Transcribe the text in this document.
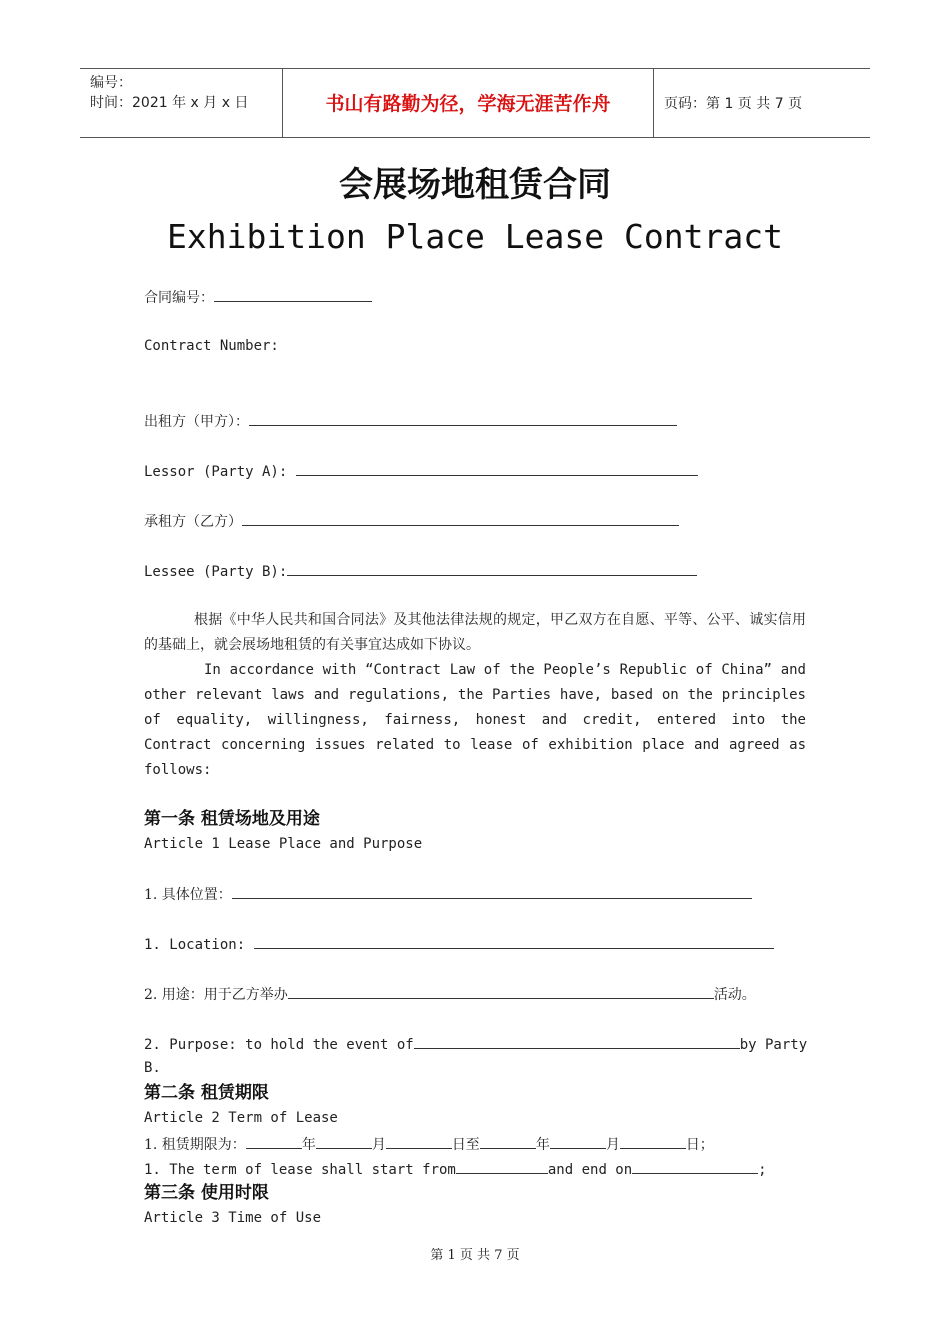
编号：
时间：2021 年 x 月 x 日	书山有路勤为径，学海无涯苦作舟	页码：第 1 页 共 7 页
会展场地租赁合同
Exhibition Place Lease Contract
合同编号：
Contract Number:
出租方（甲方）：
Lessor (Party A):
承租方（乙方）
Lessee (Party B):
根据《中华人民共和国合同法》及其他法律法规的规定，甲乙双方在自愿、平等、公平、诚实信用的基础上，就会展场地租赁的有关事宜达成如下协议。
In accordance with “Contract Law of the People’s Republic of China” and other relevant laws and regulations, the Parties have, based on the principles of equality, willingness, fairness, honest and credit, entered into the Contract concerning issues related to lease of exhibition place and agreed as follows:
第一条 租赁场地及用途
Article 1 Lease Place and Purpose
1. 具体位置：
1. Location:
2. 用途：用于乙方举办	活动。
2. Purpose: to hold the event of	by Party
B.
第二条 租赁期限
Article 2 Term of Lease
1. 租赁期限为：	年	月	日至	年	月	日；
1. The term of lease shall start from	and end on	;
第三条 使用时限
Article 3 Time of Use
第 1 页 共 7 页
